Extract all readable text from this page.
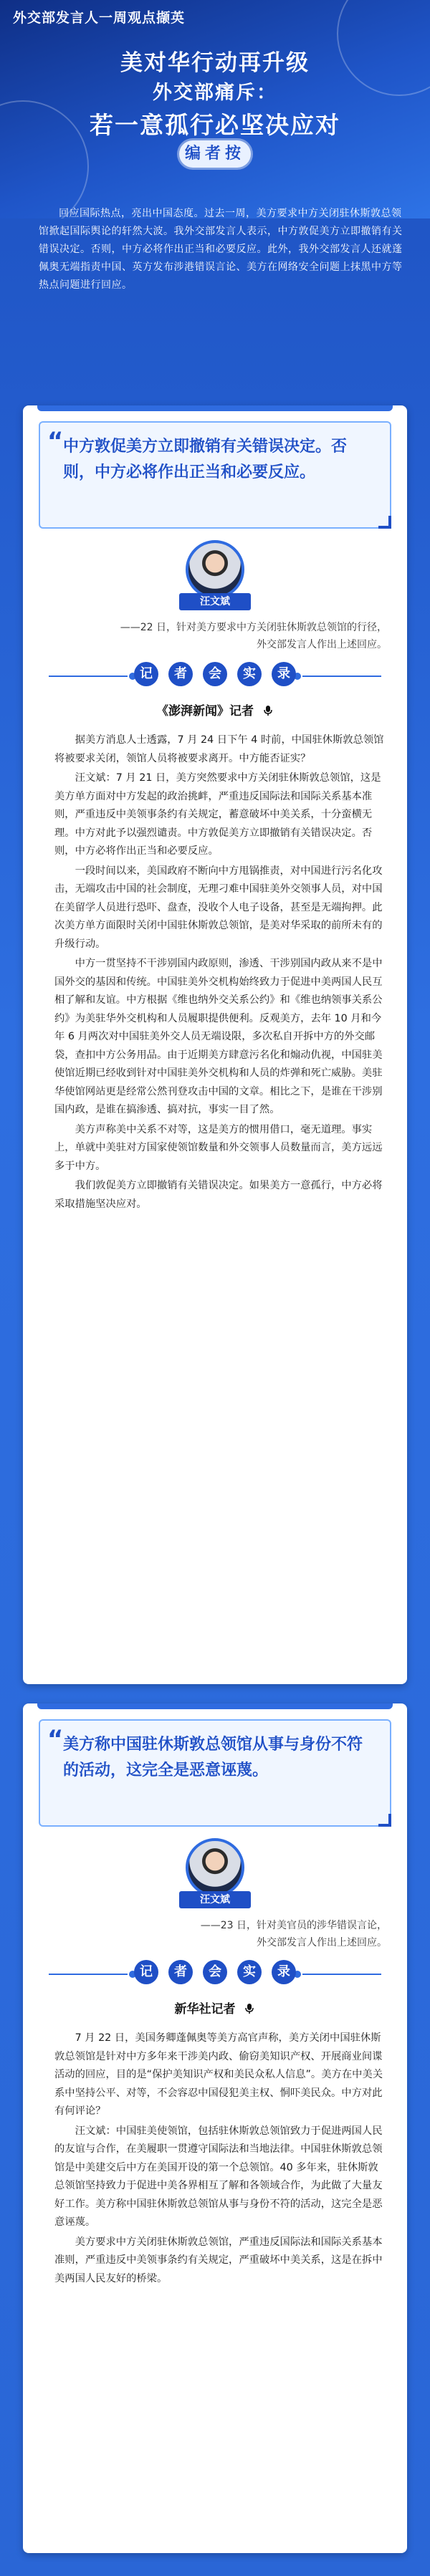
外交部发言人一周观点撷英
美对华行动再升级
外交部痛斥：
若一意孤行必坚决应对
编者按
回应国际热点，亮出中国态度。过去一周，美方要求中方关闭驻休斯敦总领馆掀起国际舆论的轩然大波。我外交部发言人表示，中方敦促美方立即撤销有关错误决定。否则，中方必将作出正当和必要反应。此外，我外交部发言人还就蓬佩奥无端指责中国、英方发布涉港错误言论、美方在网络安全问题上抹黑中方等热点问题进行回应。
“ 中方敦促美方立即撤销有关错误决定。否则，中方必将作出正当和必要反应。
汪文斌
——22 日，针对美方要求中方关闭驻休斯敦总领馆的行径，
外交部发言人作出上述回应。
记	者	会	实	录
《澎湃新闻》记者

据美方消息人士透露，7 月 24 日下午 4 时前，中国驻休斯敦总领馆将被要求关闭，领馆人员将被要求离开。中方能否证实？

汪文斌：7 月 21 日，美方突然要求中方关闭驻休斯敦总领馆，这是美方单方面对中方发起的政治挑衅，严重违反国际法和国际关系基本准则，严重违反中美领事条约有关规定，蓄意破坏中美关系，十分蛮横无理。中方对此予以强烈谴责。中方敦促美方立即撤销有关错误决定。否则，中方必将作出正当和必要反应。

一段时间以来，美国政府不断向中方甩锅推责，对中国进行污名化攻击，无端攻击中国的社会制度，无理刁难中国驻美外交领事人员，对中国在美留学人员进行恐吓、盘查，没收个人电子设备，甚至是无端拘押。此次美方单方面限时关闭中国驻休斯敦总领馆，是美对华采取的前所未有的升级行动。

中方一贯坚持不干涉别国内政原则，渗透、干涉别国内政从来不是中国外交的基因和传统。中国驻美外交机构始终致力于促进中美两国人民互相了解和友谊。中方根据《维也纳外交关系公约》和《维也纳领事关系公约》为美驻华外交机构和人员履职提供便利。反观美方，去年 10 月和今年 6 月两次对中国驻美外交人员无端设限，多次私自开拆中方的外交邮袋，查扣中方公务用品。由于近期美方肆意污名化和煽动仇视，中国驻美使馆近期已经收到针对中国驻美外交机构和人员的炸弹和死亡威胁。美驻华使馆网站更是经常公然刊登攻击中国的文章。相比之下，是谁在干涉别国内政，是谁在搞渗透、搞对抗，事实一目了然。

美方声称美中关系不对等，这是美方的惯用借口，毫无道理。事实上，单就中美驻对方国家使领馆数量和外交领事人员数量而言，美方远远多于中方。

我们敦促美方立即撤销有关错误决定。如果美方一意孤行，中方必将采取措施坚决应对。

“ 美方称中国驻休斯敦总领馆从事与身份不符的活动，这完全是恶意诬蔑。
汪文斌
——23 日，针对美官员的涉华错误言论，
外交部发言人作出上述回应。
记	者	会	实	录
新华社记者

7 月 22 日，美国务卿蓬佩奥等美方高官声称，美方关闭中国驻休斯敦总领馆是针对中方多年来干涉美内政、偷窃美知识产权、开展商业间谍活动的回应，目的是“保护美知识产权和美民众私人信息”。美方在中美关系中坚持公平、对等，不会容忍中国侵犯美主权、恫吓美民众。中方对此有何评论？

汪文斌：中国驻美使领馆，包括驻休斯敦总领馆致力于促进两国人民的友谊与合作，在美履职一贯遵守国际法和当地法律。中国驻休斯敦总领馆是中美建交后中方在美国开设的第一个总领馆。40 多年来，驻休斯敦总领馆坚持致力于促进中美各界相互了解和各领域合作，为此做了大量友好工作。美方称中国驻休斯敦总领馆从事与身份不符的活动，这完全是恶意诬蔑。

美方要求中方关闭驻休斯敦总领馆，严重违反国际法和国际关系基本准则，严重违反中美领事条约有关规定，严重破坏中美关系，这是在拆中美两国人民友好的桥梁。
